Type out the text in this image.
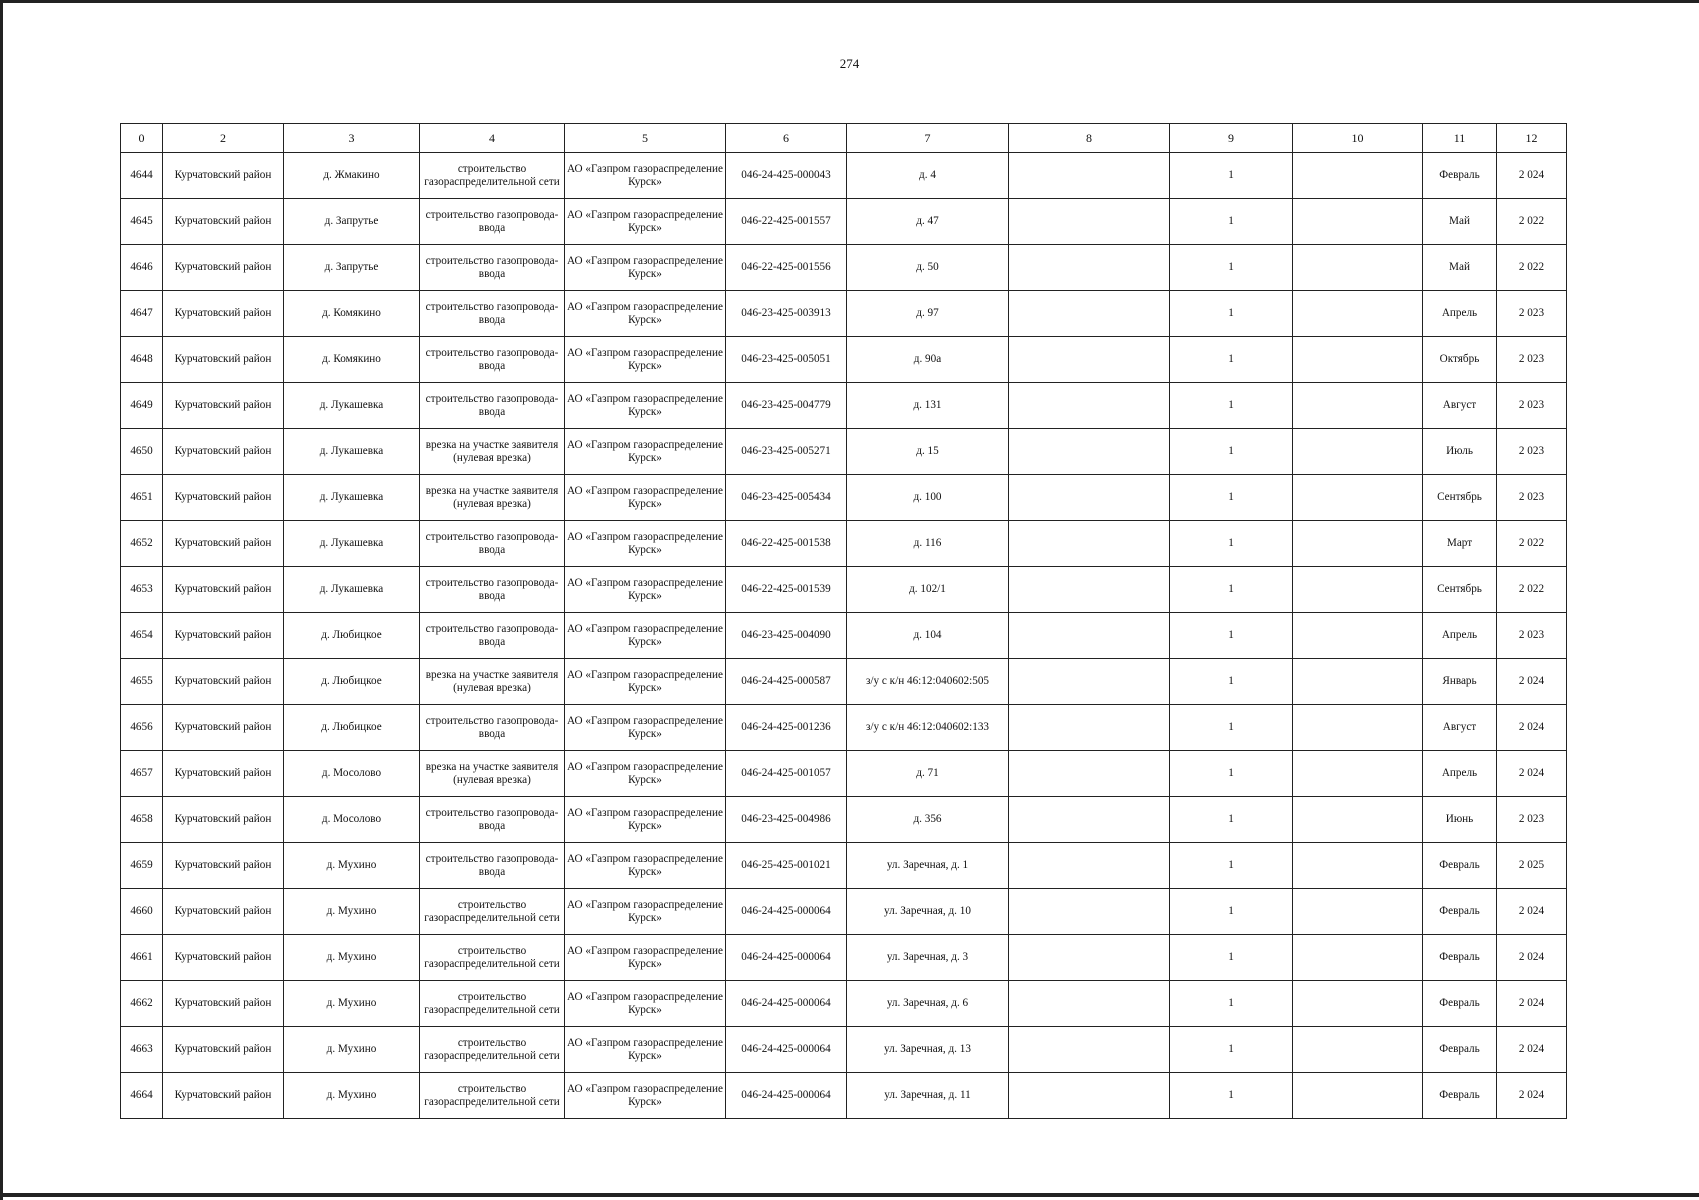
274
0	2	3	4	5	6	7	8	9	10	11	12
4644	Курчатовский район	д. Жмакино	строительство газораспределительной сети	АО «Газпром газораспределение Курск»	046-24-425-000043	д. 4		1		Февраль	2 024
4645	Курчатовский район	д. Запрутье	строительство газопровода-ввода	АО «Газпром газораспределение Курск»	046-22-425-001557	д. 47		1		Май	2 022
4646	Курчатовский район	д. Запрутье	строительство газопровода-ввода	АО «Газпром газораспределение Курск»	046-22-425-001556	д. 50		1		Май	2 022
4647	Курчатовский район	д. Комякино	строительство газопровода-ввода	АО «Газпром газораспределение Курск»	046-23-425-003913	д. 97		1		Апрель	2 023
4648	Курчатовский район	д. Комякино	строительство газопровода-ввода	АО «Газпром газораспределение Курск»	046-23-425-005051	д. 90а		1		Октябрь	2 023
4649	Курчатовский район	д. Лукашевка	строительство газопровода-ввода	АО «Газпром газораспределение Курск»	046-23-425-004779	д. 131		1		Август	2 023
4650	Курчатовский район	д. Лукашевка	врезка на участке заявителя (нулевая врезка)	АО «Газпром газораспределение Курск»	046-23-425-005271	д. 15		1		Июль	2 023
4651	Курчатовский район	д. Лукашевка	врезка на участке заявителя (нулевая врезка)	АО «Газпром газораспределение Курск»	046-23-425-005434	д. 100		1		Сентябрь	2 023
4652	Курчатовский район	д. Лукашевка	строительство газопровода-ввода	АО «Газпром газораспределение Курск»	046-22-425-001538	д. 116		1		Март	2 022
4653	Курчатовский район	д. Лукашевка	строительство газопровода-ввода	АО «Газпром газораспределение Курск»	046-22-425-001539	д. 102/1		1		Сентябрь	2 022
4654	Курчатовский район	д. Любицкое	строительство газопровода-ввода	АО «Газпром газораспределение Курск»	046-23-425-004090	д. 104		1		Апрель	2 023
4655	Курчатовский район	д. Любицкое	врезка на участке заявителя (нулевая врезка)	АО «Газпром газораспределение Курск»	046-24-425-000587	з/у с к/н 46:12:040602:505		1		Январь	2 024
4656	Курчатовский район	д. Любицкое	строительство газопровода-ввода	АО «Газпром газораспределение Курск»	046-24-425-001236	з/у с к/н 46:12:040602:133		1		Август	2 024
4657	Курчатовский район	д. Мосолово	врезка на участке заявителя (нулевая врезка)	АО «Газпром газораспределение Курск»	046-24-425-001057	д. 71		1		Апрель	2 024
4658	Курчатовский район	д. Мосолово	строительство газопровода-ввода	АО «Газпром газораспределение Курск»	046-23-425-004986	д. 356		1		Июнь	2 023
4659	Курчатовский район	д. Мухино	строительство газопровода-ввода	АО «Газпром газораспределение Курск»	046-25-425-001021	ул. Заречная, д. 1		1		Февраль	2 025
4660	Курчатовский район	д. Мухино	строительство газораспределительной сети	АО «Газпром газораспределение Курск»	046-24-425-000064	ул. Заречная, д. 10		1		Февраль	2 024
4661	Курчатовский район	д. Мухино	строительство газораспределительной сети	АО «Газпром газораспределение Курск»	046-24-425-000064	ул. Заречная, д. 3		1		Февраль	2 024
4662	Курчатовский район	д. Мухино	строительство газораспределительной сети	АО «Газпром газораспределение Курск»	046-24-425-000064	ул. Заречная, д. 6		1		Февраль	2 024
4663	Курчатовский район	д. Мухино	строительство газораспределительной сети	АО «Газпром газораспределение Курск»	046-24-425-000064	ул. Заречная, д. 13		1		Февраль	2 024
4664	Курчатовский район	д. Мухино	строительство газораспределительной сети	АО «Газпром газораспределение Курск»	046-24-425-000064	ул. Заречная, д. 11		1		Февраль	2 024
